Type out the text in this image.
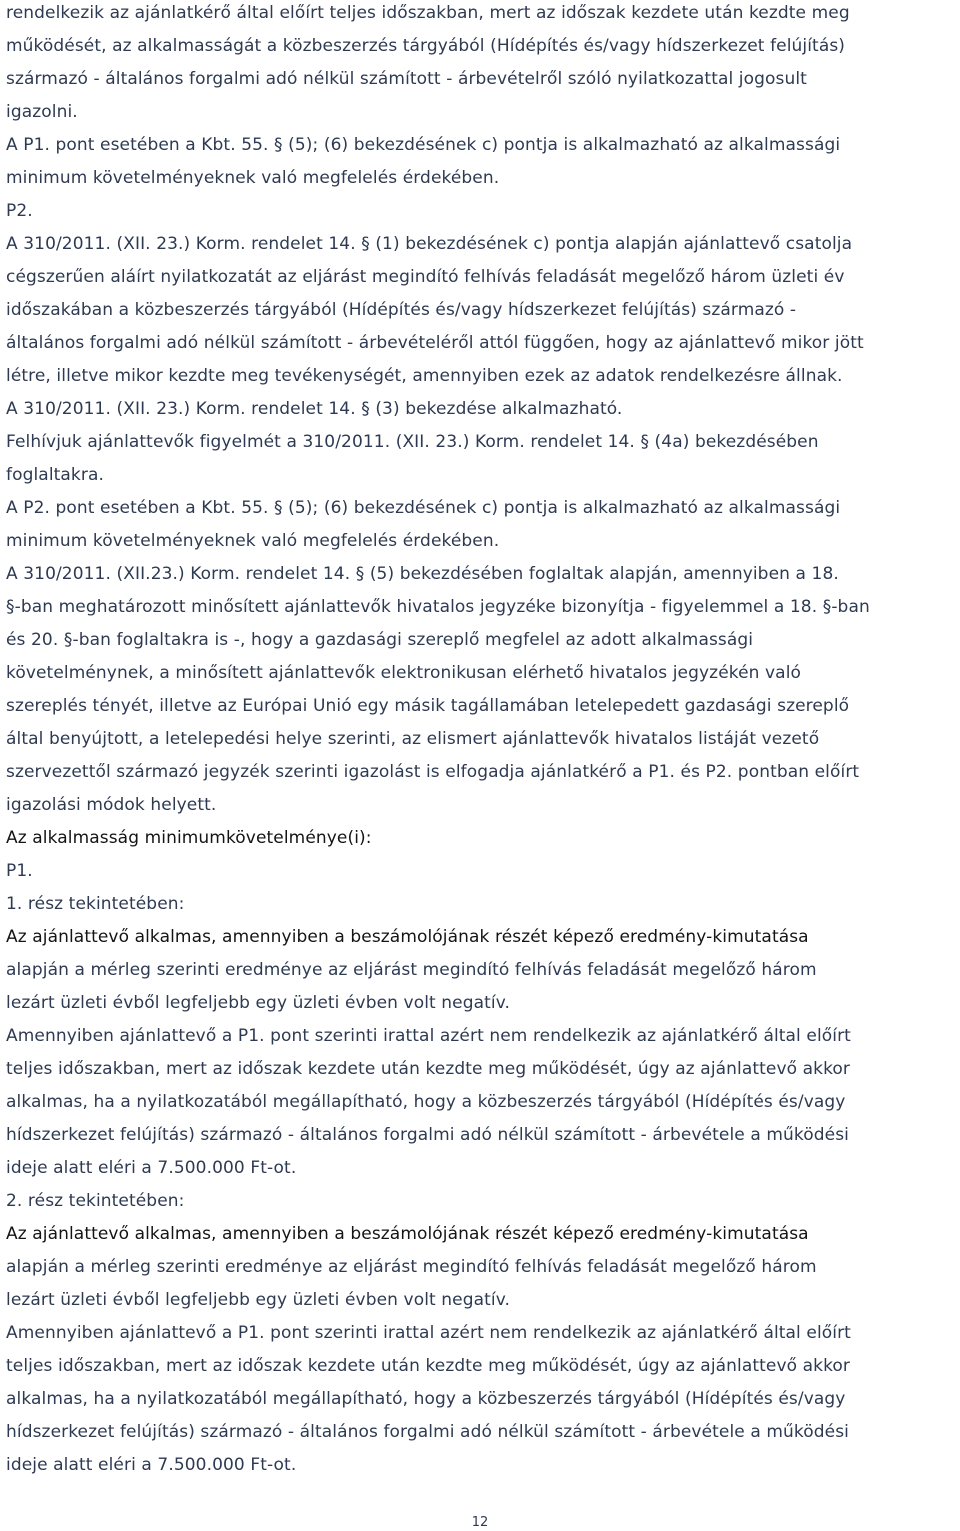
rendelkezik az ajánlatkérő által előírt teljes időszakban, mert az időszak kezdete után kezdte meg
működését, az alkalmasságát a közbeszerzés tárgyából (Hídépítés és/vagy hídszerkezet felújítás)
származó - általános forgalmi adó nélkül számított - árbevételről szóló nyilatkozattal jogosult
igazolni.
A P1. pont esetében a Kbt. 55. § (5); (6) bekezdésének c) pontja is alkalmazható az alkalmassági
minimum követelményeknek való megfelelés érdekében.
P2.
A 310/2011. (XII. 23.) Korm. rendelet 14. § (1) bekezdésének c) pontja alapján ajánlattevő csatolja
cégszerűen aláírt nyilatkozatát az eljárást megindító felhívás feladását megelőző három üzleti év
időszakában a közbeszerzés tárgyából (Hídépítés és/vagy hídszerkezet felújítás) származó -
általános forgalmi adó nélkül számított - árbevételéről attól függően, hogy az ajánlattevő mikor jött
létre, illetve mikor kezdte meg tevékenységét, amennyiben ezek az adatok rendelkezésre állnak.
A 310/2011. (XII. 23.) Korm. rendelet 14. § (3) bekezdése alkalmazható.
Felhívjuk ajánlattevők figyelmét a 310/2011. (XII. 23.) Korm. rendelet 14. § (4a) bekezdésében
foglaltakra.
A P2. pont esetében a Kbt. 55. § (5); (6) bekezdésének c) pontja is alkalmazható az alkalmassági
minimum követelményeknek való megfelelés érdekében.
A 310/2011. (XII.23.) Korm. rendelet 14. § (5) bekezdésében foglaltak alapján, amennyiben a 18.
§-ban meghatározott minősített ajánlattevők hivatalos jegyzéke bizonyítja - figyelemmel a 18. §-ban
és 20. §-ban foglaltakra is -, hogy a gazdasági szereplő megfelel az adott alkalmassági
követelménynek, a minősített ajánlattevők elektronikusan elérhető hivatalos jegyzékén való
szereplés tényét, illetve az Európai Unió egy másik tagállamában letelepedett gazdasági szereplő
által benyújtott, a letelepedési helye szerinti, az elismert ajánlattevők hivatalos listáját vezető
szervezettől származó jegyzék szerinti igazolást is elfogadja ajánlatkérő a P1. és P2. pontban előírt
igazolási módok helyett.
Az alkalmasság minimumkövetelménye(i):
P1.
1. rész tekintetében:
Az ajánlattevő alkalmas, amennyiben a beszámolójának részét képező eredmény-kimutatása
alapján a mérleg szerinti eredménye az eljárást megindító felhívás feladását megelőző három
lezárt üzleti évből legfeljebb egy üzleti évben volt negatív.
Amennyiben ajánlattevő a P1. pont szerinti irattal azért nem rendelkezik az ajánlatkérő által előírt
teljes időszakban, mert az időszak kezdete után kezdte meg működését, úgy az ajánlattevő akkor
alkalmas, ha a nyilatkozatából megállapítható, hogy a közbeszerzés tárgyából (Hídépítés és/vagy
hídszerkezet felújítás) származó - általános forgalmi adó nélkül számított - árbevétele a működési
ideje alatt eléri a 7.500.000 Ft-ot.
2. rész tekintetében:
Az ajánlattevő alkalmas, amennyiben a beszámolójának részét képező eredmény-kimutatása
alapján a mérleg szerinti eredménye az eljárást megindító felhívás feladását megelőző három
lezárt üzleti évből legfeljebb egy üzleti évben volt negatív.
Amennyiben ajánlattevő a P1. pont szerinti irattal azért nem rendelkezik az ajánlatkérő által előírt
teljes időszakban, mert az időszak kezdete után kezdte meg működését, úgy az ajánlattevő akkor
alkalmas, ha a nyilatkozatából megállapítható, hogy a közbeszerzés tárgyából (Hídépítés és/vagy
hídszerkezet felújítás) származó - általános forgalmi adó nélkül számított - árbevétele a működési
ideje alatt eléri a 7.500.000 Ft-ot.
12
